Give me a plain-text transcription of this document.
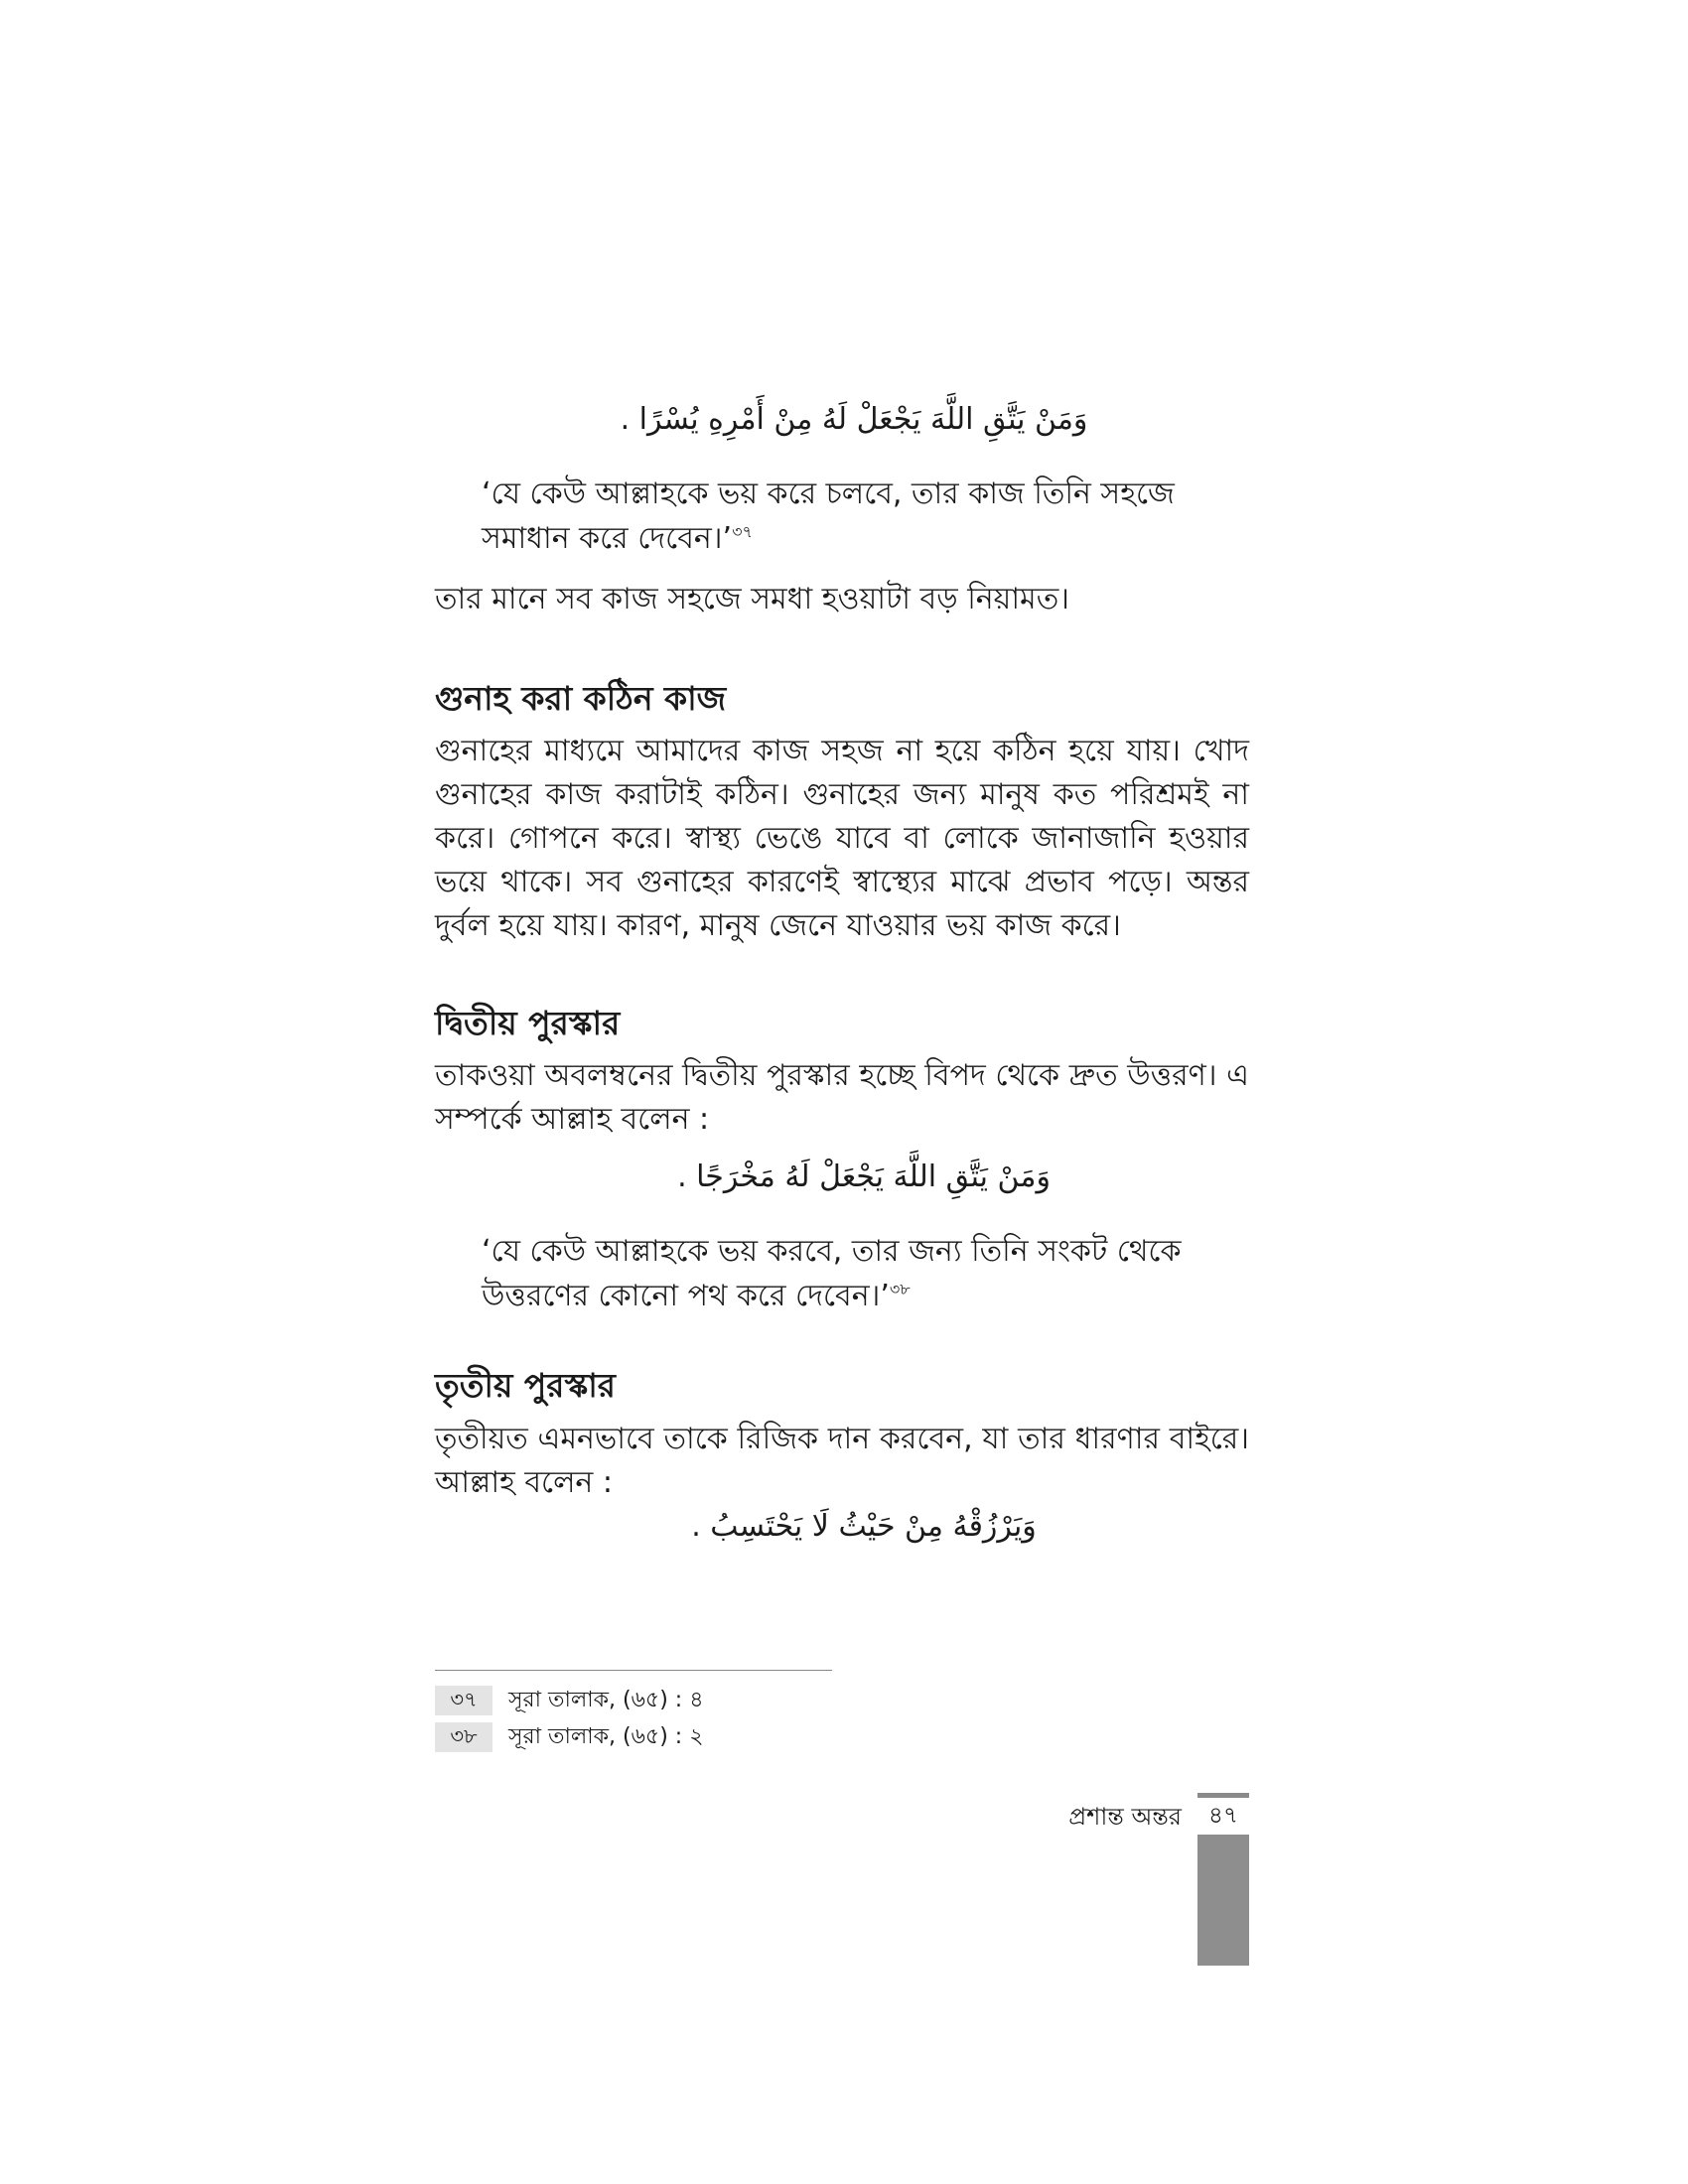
وَمَنْ يَتَّقِ اللَّهَ يَجْعَلْ لَهُ مِنْ أَمْرِهِ يُسْرًا .
‘যে কেউ আল্লাহকে ভয় করে চলবে, তার কাজ তিনি সহজে সমাধান করে দেবেন।’$^{৩৭}$
তার মানে সব কাজ সহজে সমধা হওয়াটা বড় নিয়ামত।
গুনাহ করা কঠিন কাজ
গুনাহের মাধ্যমে আমাদের কাজ সহজ না হয়ে কঠিন হয়ে যায়। খোদ গুনাহের কাজ করাটাই কঠিন। গুনাহের জন্য মানুষ কত পরিশ্রমই না করে। গোপনে করে। স্বাস্থ্য ভেঙে যাবে বা লোকে জানাজানি হওয়ার ভয়ে থাকে। সব গুনাহের কারণেই স্বাস্থ্যের মাঝে প্রভাব পড়ে। অন্তর দুর্বল হয়ে যায়। কারণ, মানুষ জেনে যাওয়ার ভয় কাজ করে।
দ্বিতীয় পুরস্কার
তাকওয়া অবলম্বনের দ্বিতীয় পুরস্কার হচ্ছে বিপদ থেকে দ্রুত উত্তরণ। এ সম্পর্কে আল্লাহ বলেন :
وَمَنْ يَتَّقِ اللَّهَ يَجْعَلْ لَهُ مَخْرَجًا .
‘যে কেউ আল্লাহকে ভয় করবে, তার জন্য তিনি সংকট থেকে উত্তরণের কোনো পথ করে দেবেন।’$^{৩৮}$
তৃতীয় পুরস্কার
তৃতীয়ত এমনভাবে তাকে রিজিক দান করবেন, যা তার ধারণার বাইরে। আল্লাহ বলেন :
وَيَرْزُقْهُ مِنْ حَيْثُ لَا يَحْتَسِبُ .
৩৭	সূরা তালাক, (৬৫) : ৪
৩৮	সূরা তালাক, (৬৫) : ২
প্রশান্ত অন্তর	৪৭
